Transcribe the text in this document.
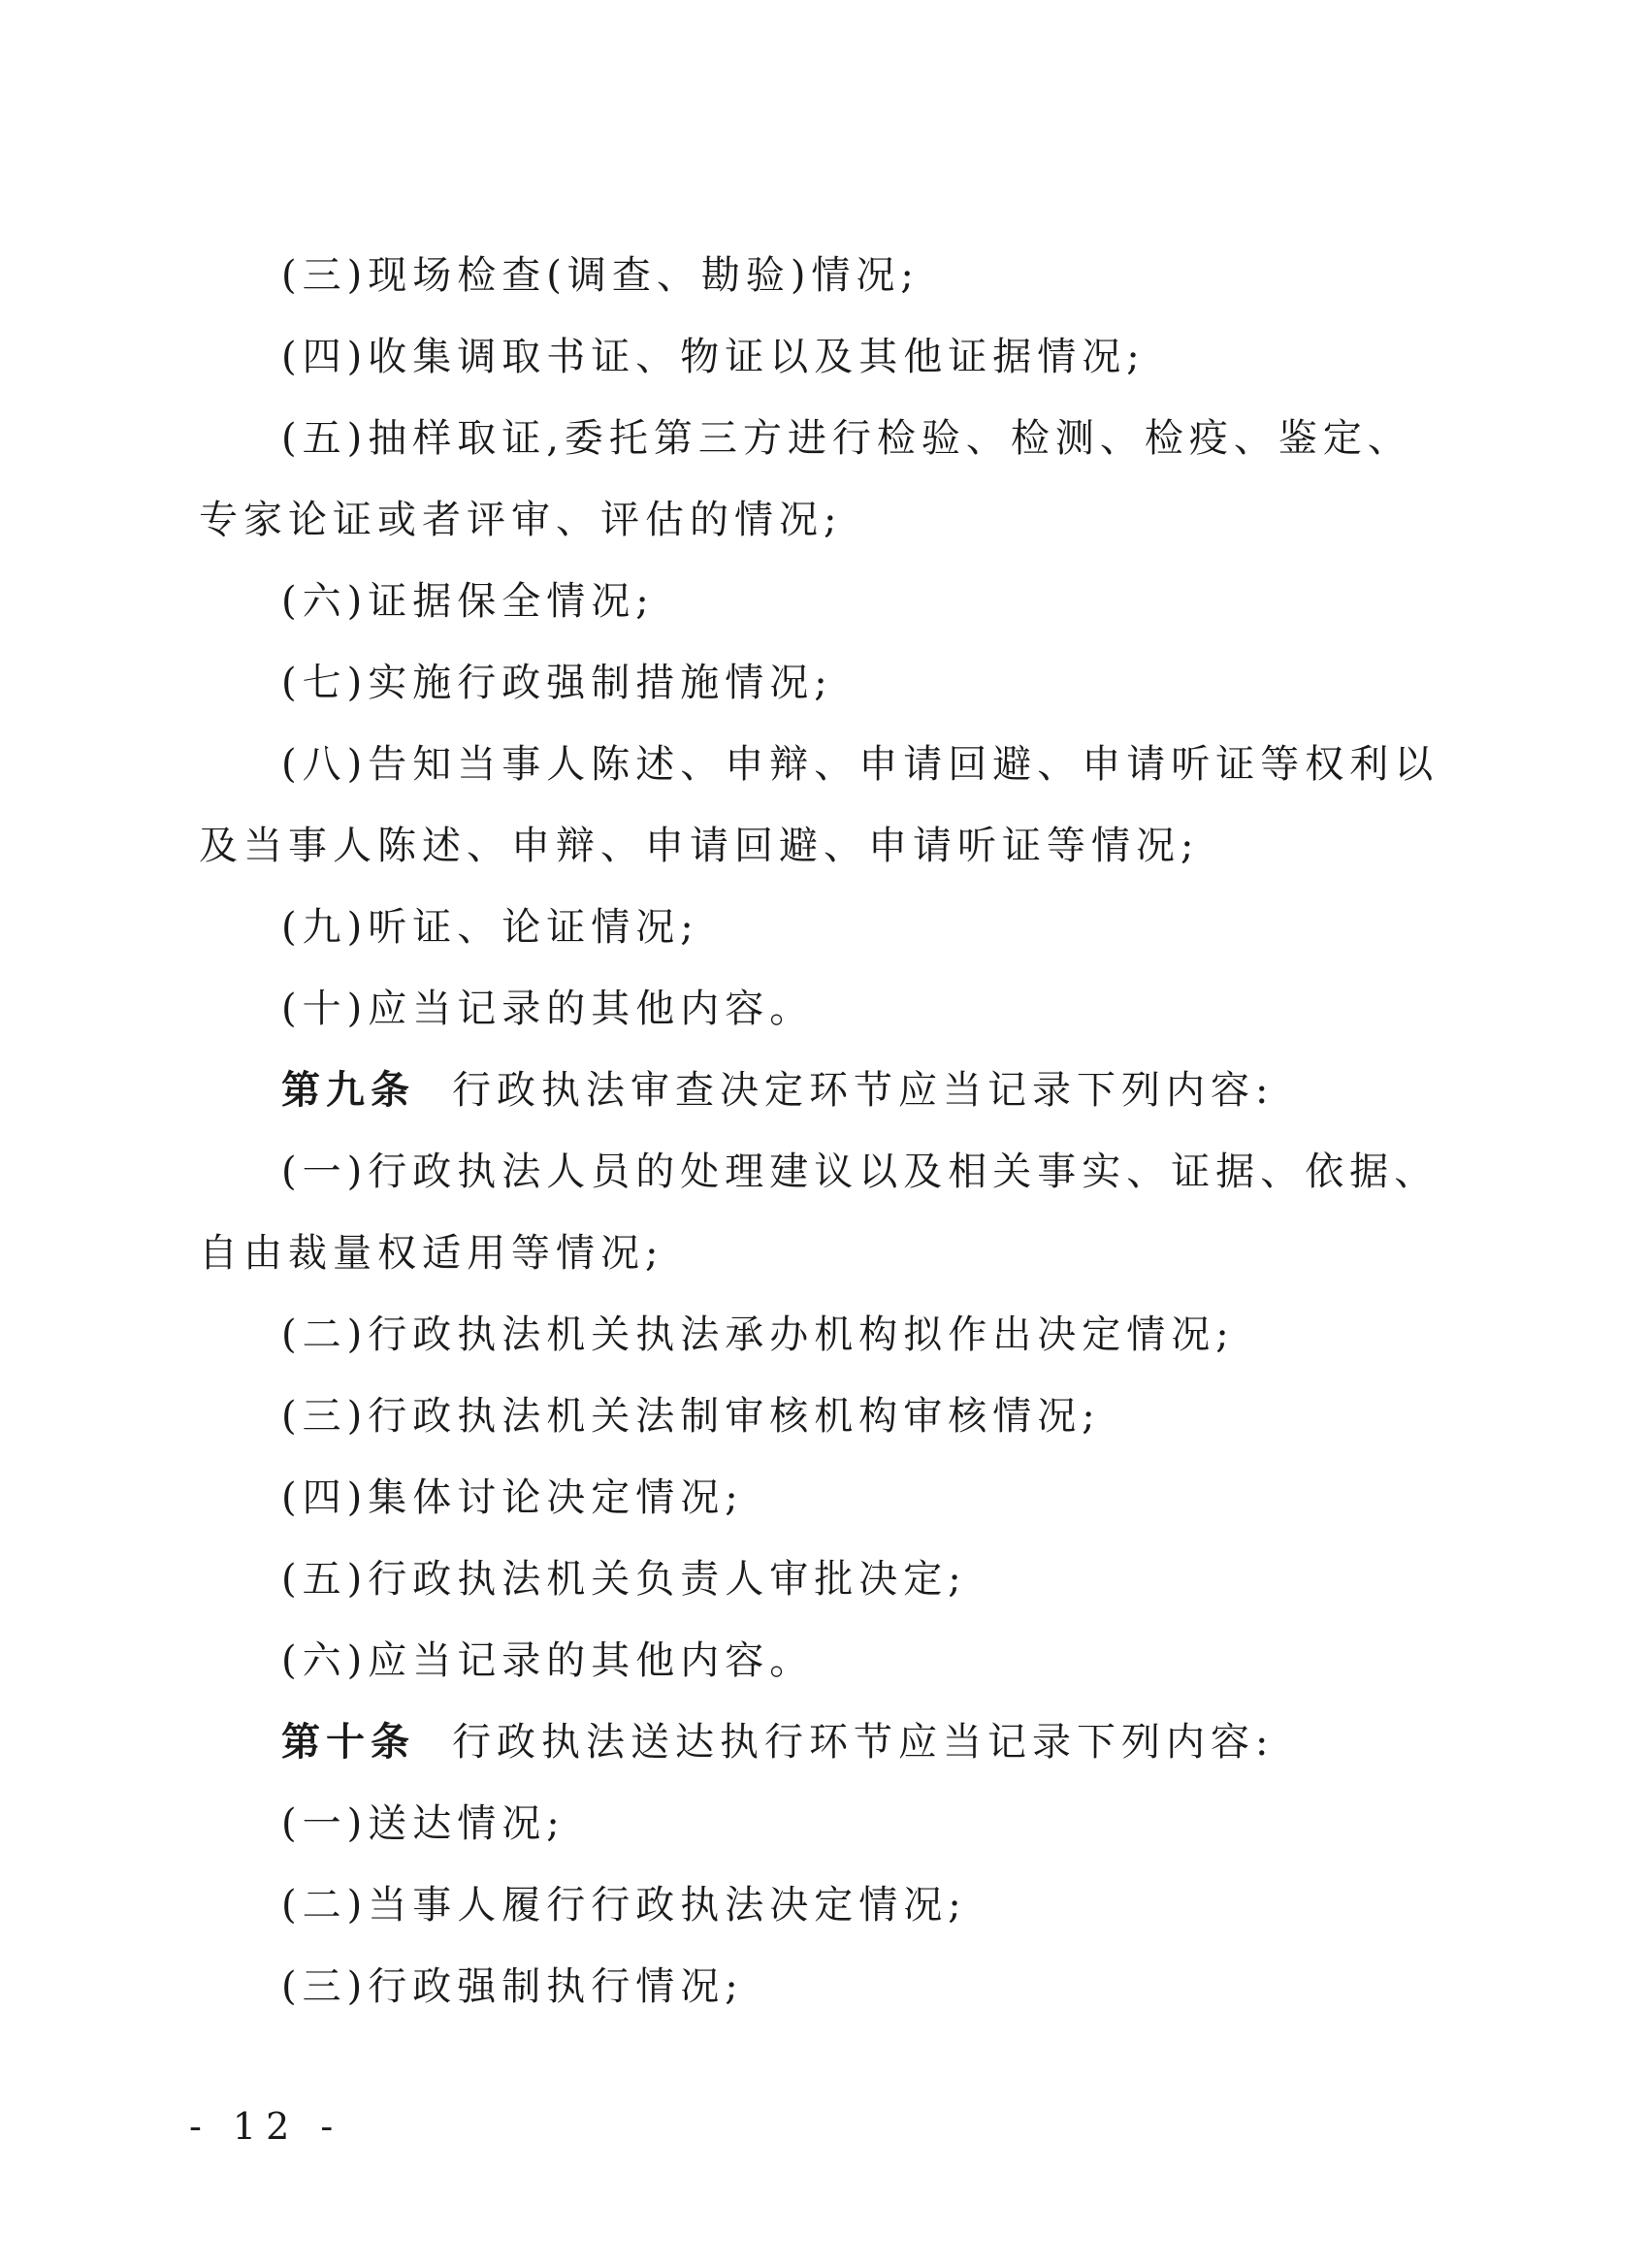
(三)现场检查(调查、勘验)情况;
(四)收集调取书证、物证以及其他证据情况;
(五)抽样取证,委托第三方进行检验、检测、检疫、鉴定、
专家论证或者评审、评估的情况;
(六)证据保全情况;
(七)实施行政强制措施情况;
(八)告知当事人陈述、申辩、申请回避、申请听证等权利以
及当事人陈述、申辩、申请回避、申请听证等情况;
(九)听证、论证情况;
(十)应当记录的其他内容。
第九条 行政执法审查决定环节应当记录下列内容:
(一)行政执法人员的处理建议以及相关事实、证据、依据、
自由裁量权适用等情况;
(二)行政执法机关执法承办机构拟作出决定情况;
(三)行政执法机关法制审核机构审核情况;
(四)集体讨论决定情况;
(五)行政执法机关负责人审批决定;
(六)应当记录的其他内容。
第十条 行政执法送达执行环节应当记录下列内容:
(一)送达情况;
(二)当事人履行行政执法决定情况;
(三)行政强制执行情况;
- 12 -
